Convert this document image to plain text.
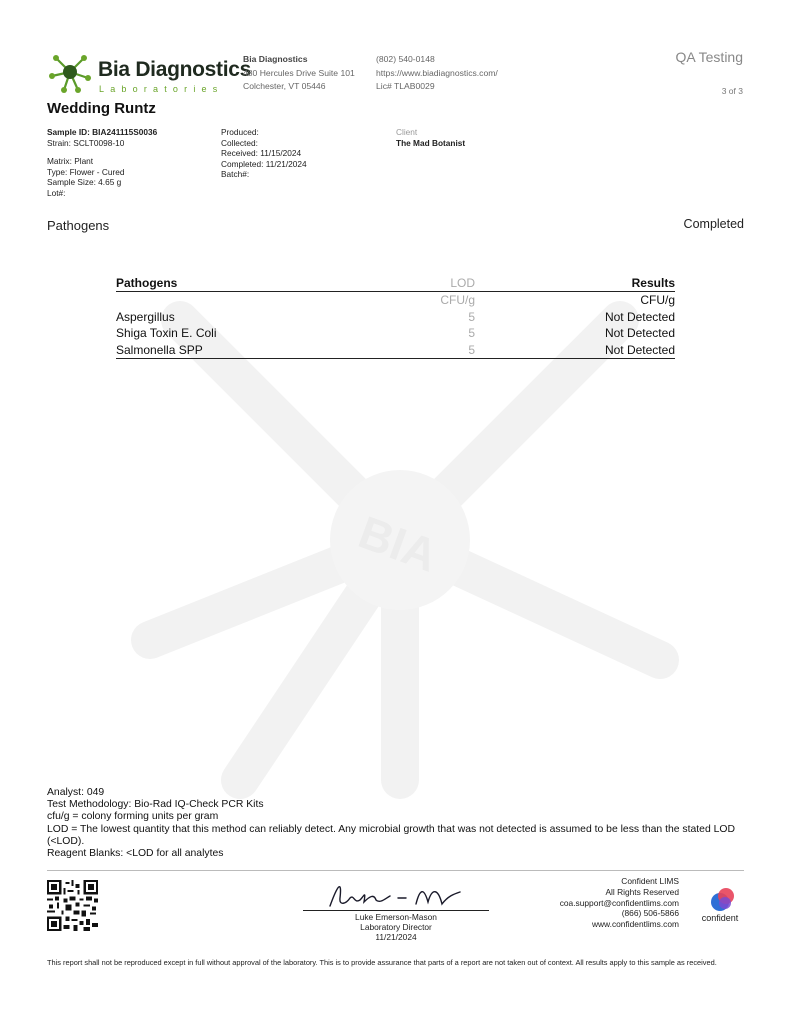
BIA
Bia Diagnostics
Laboratories
Bia Diagnostics
480 Hercules Drive Suite 101
Colchester, VT 05446
(802) 540-0148
https://www.biadiagnostics.com/
Lic# TLAB0029
QA Testing
3 of 3
Wedding Runtz
Sample ID: BIA241115S0036
Strain: SCLT0098-10
Matrix: Plant
Type: Flower - Cured
Sample Size: 4.65 g
Lot#:
Produced:
Collected:
Received: 11/15/2024
Completed: 11/21/2024
Batch#:
Client
The Mad Botanist
Pathogens	Completed
Pathogens	LOD	Results
	CFU/g	CFU/g
Aspergillus	5	Not Detected
Shiga Toxin E. Coli	5	Not Detected
Salmonella SPP	5	Not Detected
Analyst: 049
Test Methodology: Bio-Rad IQ-Check PCR Kits
cfu/g = colony forming units per gram
LOD = The lowest quantity that this method can reliably detect. Any microbial growth that was not detected is assumed to be less than the stated LOD (<LOD).
Reagent Blanks: <LOD for all analytes
Luke Emerson-Mason
Laboratory Director
11/21/2024
Confident LIMS
All Rights Reserved
coa.support@confidentlims.com
(866) 506-5866
www.confidentlims.com
confident
This report shall not be reproduced except in full without approval of the laboratory. This is to provide assurance that parts of a report are not taken out of context. All results apply to this sample as received.
